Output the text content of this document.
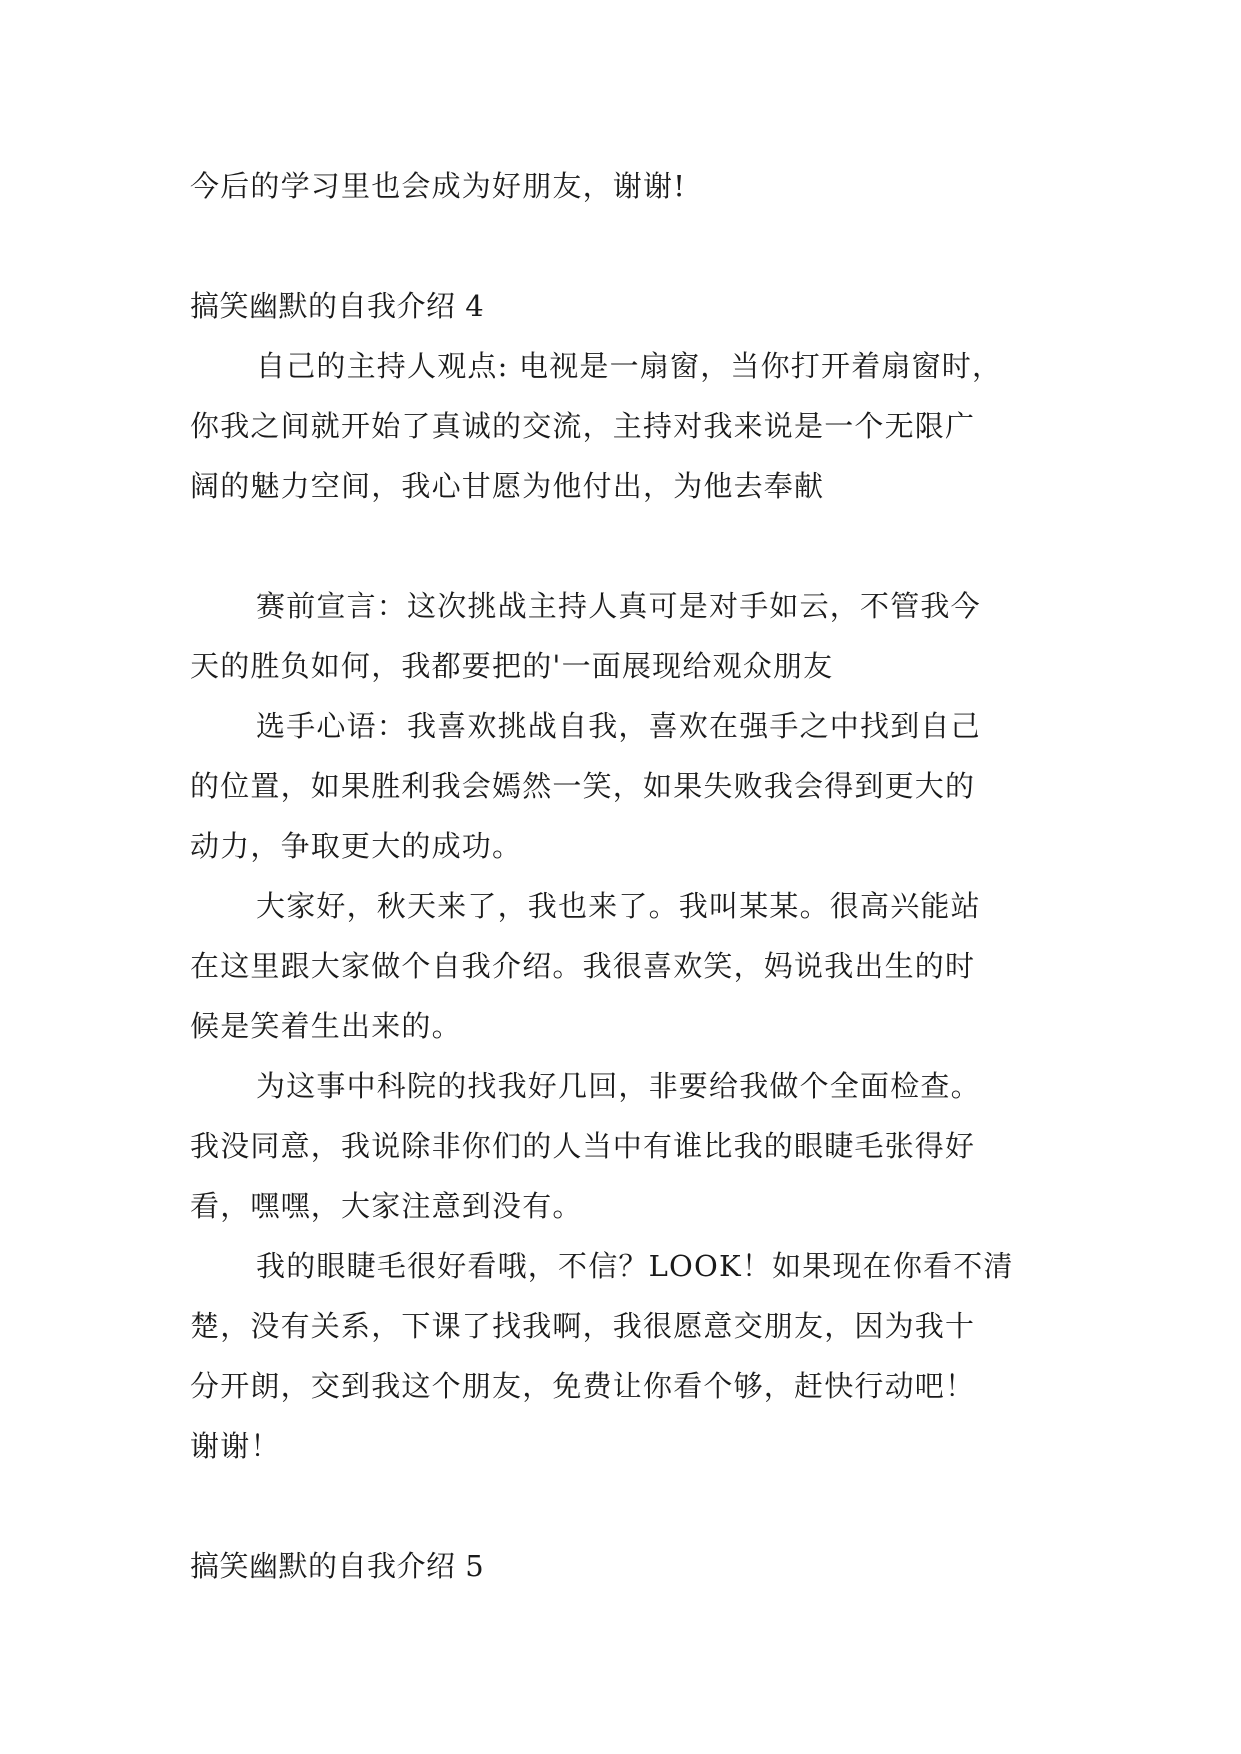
今后的学习里也会成为好朋友，谢谢!
搞笑幽默的自我介绍 4
自己的主持人观点: 电视是一扇窗，当你打开着扇窗时，
你我之间就开始了真诚的交流，主持对我来说是一个无限广
阔的魅力空间，我心甘愿为他付出，为他去奉献
赛前宣言：这次挑战主持人真可是对手如云，不管我今
天的胜负如何，我都要把的'一面展现给观众朋友
选手心语：我喜欢挑战自我，喜欢在强手之中找到自己
的位置，如果胜利我会嫣然一笑，如果失败我会得到更大的
动力，争取更大的成功。
大家好，秋天来了，我也来了。我叫某某。很高兴能站
在这里跟大家做个自我介绍。我很喜欢笑，妈说我出生的时
候是笑着生出来的。
为这事中科院的找我好几回，非要给我做个全面检查。
我没同意，我说除非你们的人当中有谁比我的眼睫毛张得好
看，嘿嘿，大家注意到没有。
我的眼睫毛很好看哦，不信？LOOK！如果现在你看不清
楚，没有关系，下课了找我啊，我很愿意交朋友，因为我十
分开朗，交到我这个朋友，免费让你看个够，赶快行动吧！
谢谢！
搞笑幽默的自我介绍 5
